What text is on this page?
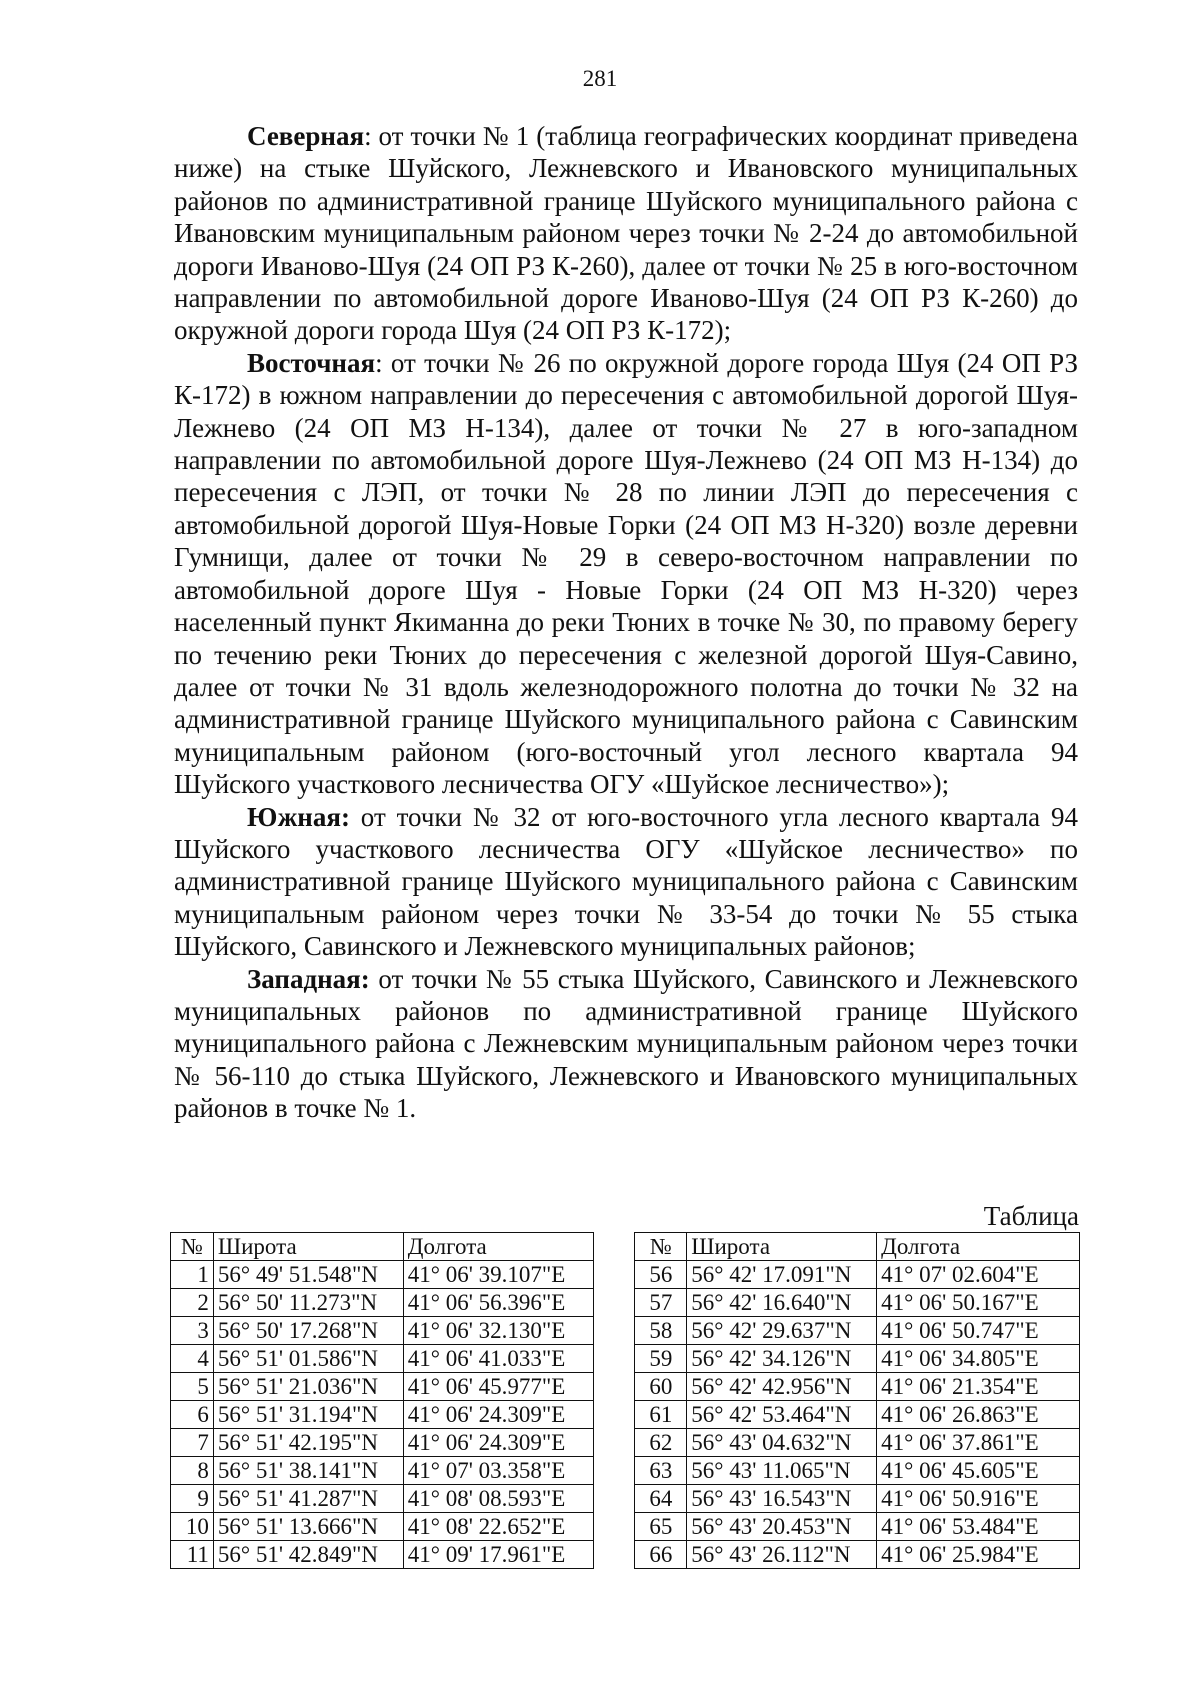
281

Северная: от точки № 1 (таблица географических координат приведена ниже) на стыке Шуйского, Лежневского и Ивановского муниципальных районов по административной границе Шуйского муниципального района с Ивановским муниципальным районом через точки № 2-24 до автомобильной дороги Иваново-Шуя (24 ОП РЗ К-260), далее от точки № 25 в юго-восточном направлении по автомобильной дороге Иваново-Шуя (24 ОП РЗ К-260) до окружной дороги города Шуя (24 ОП РЗ К-172);

Восточная: от точки № 26 по окружной дороге города Шуя (24 ОП РЗ К-172) в южном направлении до пересечения с автомобильной дорогой Шуя-Лежнево (24 ОП МЗ Н-134), далее от точки № 27 в юго-западном направлении по автомобильной дороге Шуя-Лежнево (24 ОП МЗ Н-134) до пересечения с ЛЭП, от точки № 28 по линии ЛЭП до пересечения с автомобильной дорогой Шуя-Новые Горки (24 ОП МЗ Н-320) возле деревни Гумнищи, далее от точки № 29 в северо-восточном направлении по автомобильной дороге Шуя - Новые Горки (24 ОП МЗ Н-320) через населенный пункт Якиманна до реки Тюних в точке № 30, по правому берегу по течению реки Тюних до пересечения с железной дорогой Шуя-Савино, далее от точки № 31 вдоль железнодорожного полотна до точки № 32 на административной границе Шуйского муниципального района с Савинским муниципальным районом (юго-восточный угол лесного квартала 94 Шуйского участкового лесничества ОГУ «Шуйское лесничество»);

Южная: от точки № 32 от юго-восточного угла лесного квартала 94 Шуйского участкового лесничества ОГУ «Шуйское лесничество» по административной границе Шуйского муниципального района с Савинским муниципальным районом через точки № 33-54 до точки № 55 стыка Шуйского, Савинского и Лежневского муниципальных районов;

Западная: от точки № 55 стыка Шуйского, Савинского и Лежневского муниципальных районов по административной границе Шуйского муниципального района с Лежневским муниципальным районом через точки № 56-110 до стыка Шуйского, Лежневского и Ивановского муниципальных районов в точке № 1.

Таблица
№	Широта	Долгота		№	Широта	Долгота
1	56° 49' 51.548"N	41° 06' 39.107"E		56	56° 42' 17.091"N	41° 07' 02.604"E
2	56° 50' 11.273"N	41° 06' 56.396"E		57	56° 42' 16.640"N	41° 06' 50.167"E
3	56° 50' 17.268"N	41° 06' 32.130"E		58	56° 42' 29.637"N	41° 06' 50.747"E
4	56° 51' 01.586"N	41° 06' 41.033"E		59	56° 42' 34.126"N	41° 06' 34.805"E
5	56° 51' 21.036"N	41° 06' 45.977"E		60	56° 42' 42.956"N	41° 06' 21.354"E
6	56° 51' 31.194"N	41° 06' 24.309"E		61	56° 42' 53.464"N	41° 06' 26.863"E
7	56° 51' 42.195"N	41° 06' 24.309"E		62	56° 43' 04.632"N	41° 06' 37.861"E
8	56° 51' 38.141"N	41° 07' 03.358"E		63	56° 43' 11.065"N	41° 06' 45.605"E
9	56° 51' 41.287"N	41° 08' 08.593"E		64	56° 43' 16.543"N	41° 06' 50.916"E
10	56° 51' 13.666"N	41° 08' 22.652"E		65	56° 43' 20.453"N	41° 06' 53.484"E
11	56° 51' 42.849"N	41° 09' 17.961"E		66	56° 43' 26.112"N	41° 06' 25.984"E
